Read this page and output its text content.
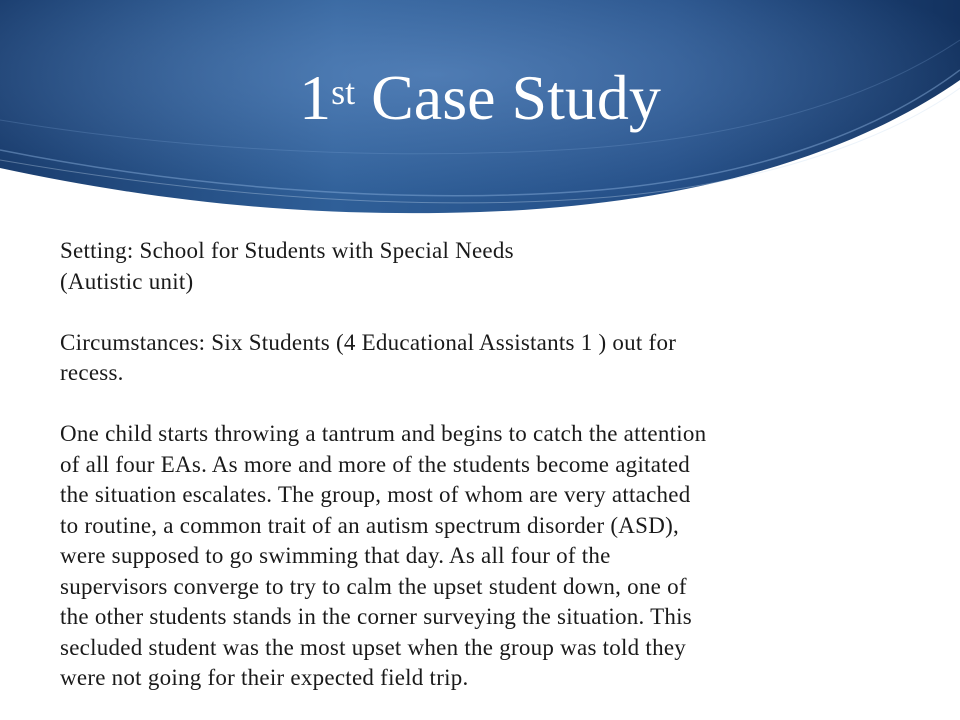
1st Case Study
Setting: School for Students with Special Needs
(Autistic unit)
Circumstances: Six Students (4 Educational Assistants 1 ) out for
recess.
One child starts throwing a tantrum and begins to catch the attention
of all four EAs. As more and more of the students become agitated
the situation escalates. The group, most of whom are very attached
to routine, a common trait of an autism spectrum disorder (ASD),
were supposed to go swimming that day. As all four of the
supervisors converge to try to calm the upset student down, one of
the other students stands in the corner surveying the situation. This
secluded student was the most upset when the group was told they
were not going for their expected field trip.
